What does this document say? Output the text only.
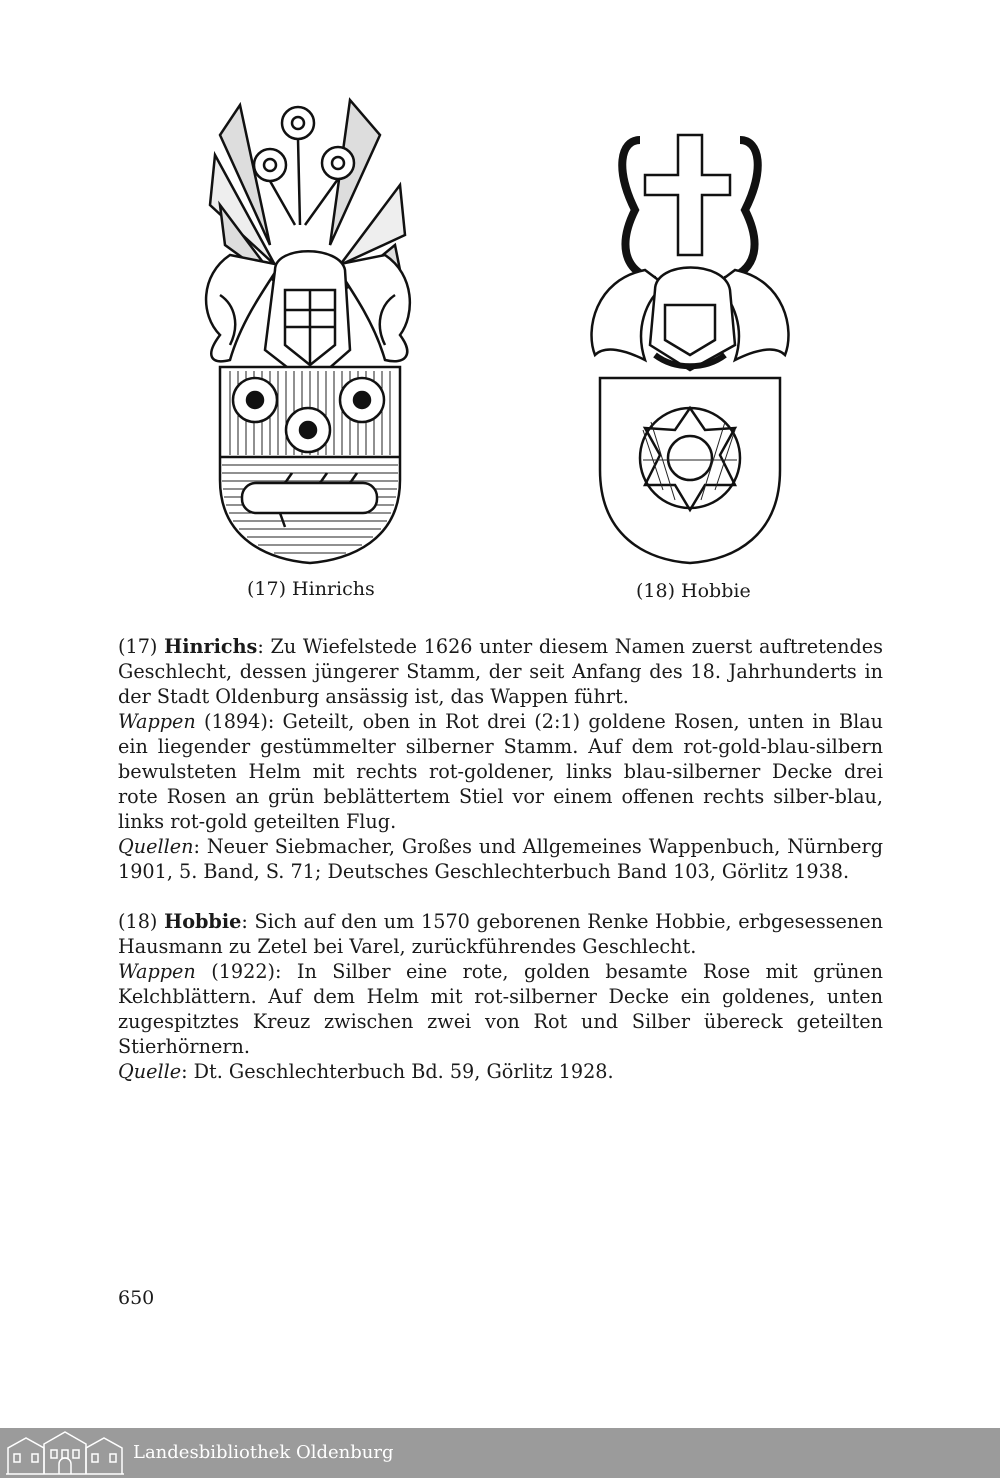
(17) Hinrichs	(18) Hobbie

(17) Hinrichs: Zu Wiefelstede 1626 unter diesem Namen zuerst auftretendes Geschlecht, dessen jüngerer Stamm, der seit Anfang des 18. Jahrhunderts in der Stadt Oldenburg ansässig ist, das Wappen führt.

Wappen (1894): Geteilt, oben in Rot drei (2:1) goldene Rosen, unten in Blau ein liegender gestümmelter silberner Stamm. Auf dem rot-gold-blau-silbern bewulsteten Helm mit rechts rot-goldener, links blau-silberner Decke drei rote Rosen an grün beblättertem Stiel vor einem offenen rechts silber-blau, links rot-gold geteilten Flug.

Quellen: Neuer Siebmacher, Großes und Allgemeines Wappenbuch, Nürnberg 1901, 5. Band, S. 71; Deutsches Geschlechterbuch Band 103, Görlitz 1938.

(18) Hobbie: Sich auf den um 1570 geborenen Renke Hobbie, erbgesessenen Hausmann zu Zetel bei Varel, zurückführendes Geschlecht.

Wappen (1922): In Silber eine rote, golden besamte Rose mit grünen Kelchblättern. Auf dem Helm mit rot-silberner Decke ein goldenes, unten zugespitztes Kreuz zwischen zwei von Rot und Silber übereck geteilten Stierhörnern.

Quelle: Dt. Geschlechterbuch Bd. 59, Görlitz 1928.

650
Landesbibliothek Oldenburg
